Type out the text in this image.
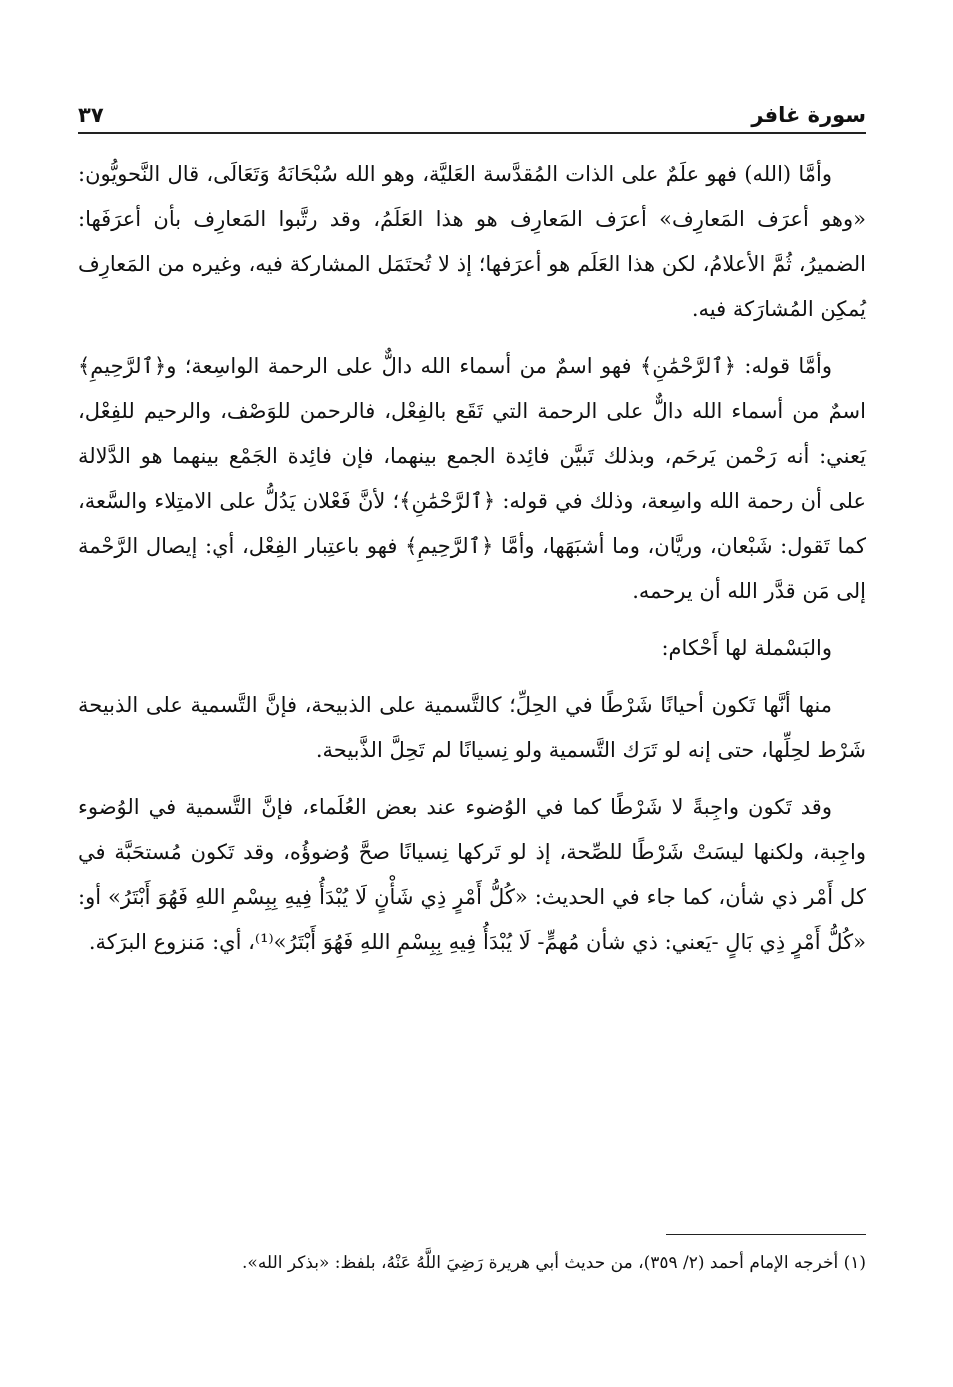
سورة غافر
٣٧

وأمَّا (الله) فهو علَمٌ على الذات المُقدَّسة العَليَّة، وهو الله سُبْحَانَهُ وَتَعَالَى، قال النَّحويُّون: «وهو أعرَف المَعارِف» أعرَف المَعارِف هو هذا العَلَمُ، وقد رتَّبوا المَعارِف بأن أعرَفَها: الضميرُ، ثُمَّ الأعلامُ، لكن هذا العَلَم هو أعرَفها؛ إذ لا تُحتَمَل المشاركة فيه، وغيره من المَعارِف يُمكِن المُشارَكة فيه.

وأمَّا قوله: ﴿ٱلرَّحْمَٰنِ﴾ فهو اسمٌ من أسماء الله دالٌّ على الرحمة الواسِعة؛ و﴿ٱلرَّحِيمِ﴾ اسمٌ من أسماء الله دالٌّ على الرحمة التي تَقَع بالفِعْل، فالرحمن للوَصْف، والرحيم للفِعْل، يَعني: أنه رَحْمن يَرحَم، وبذلك تَبيَّن فائِدة الجمع بينهما، فإن فائِدة الجَمْع بينهما هو الدَّلالة على أن رحمة الله واسِعة، وذلك في قوله: ﴿ٱلرَّحْمَٰنِ﴾؛ لأنَّ فَعْلان يَدُلُّ على الامتِلاء والسَّعة، كما تَقول: شَبْعان، وريَّان، وما أشبَهَها، وأمَّا ﴿ٱلرَّحِيمِ﴾ فهو باعتِبار الفِعْل، أي: إيصال الرَّحْمة إلى مَن قدَّر الله أن يرحمه.

والبَسْملة لها أَحْكام:

منها أنَّها تَكون أحيانًا شَرْطًا في الحِلِّ؛ كالتَّسمية على الذبيحة، فإنَّ التَّسمية على الذبيحة شَرْط لحِلِّها، حتى إنه لو تَرَك التَّسمية ولو نِسيانًا لم تَحِلَّ الذَّبيحة.

وقد تَكون واجِبةً لا شَرْطًا كما في الوُضوء عند بعض العُلَماء، فإنَّ التَّسمية في الوُضوء واجِبة، ولكنها ليسَتْ شَرْطًا للصِّحة، إذ لو تَركها نِسيانًا صحَّ وُضوؤُه، وقد تَكون مُستحَبَّة في كل أَمْر ذي شأن، كما جاء في الحديث: «كُلُّ أَمْرٍ ذِي شَأْنٍ لَا يُبْدَأُ فِيهِ بِبِسْمِ اللهِ فَهُوَ أَبْتَرُ» أو: «كُلُّ أَمْرٍ ذِي بَالٍ -يَعني: ذي شأن مُهمٍّ- لَا يُبْدَأُ فِيهِ بِبِسْمِ اللهِ فَهُوَ أَبْتَرُ»⁽¹⁾، أي: مَنزوع البرَكة.

(١) أخرجه الإمام أحمد (٢/ ٣٥٩)، من حديث أبي هريرة رَضِيَ اللَّهُ عَنْهُ، بلفظ: «بذكر الله».
